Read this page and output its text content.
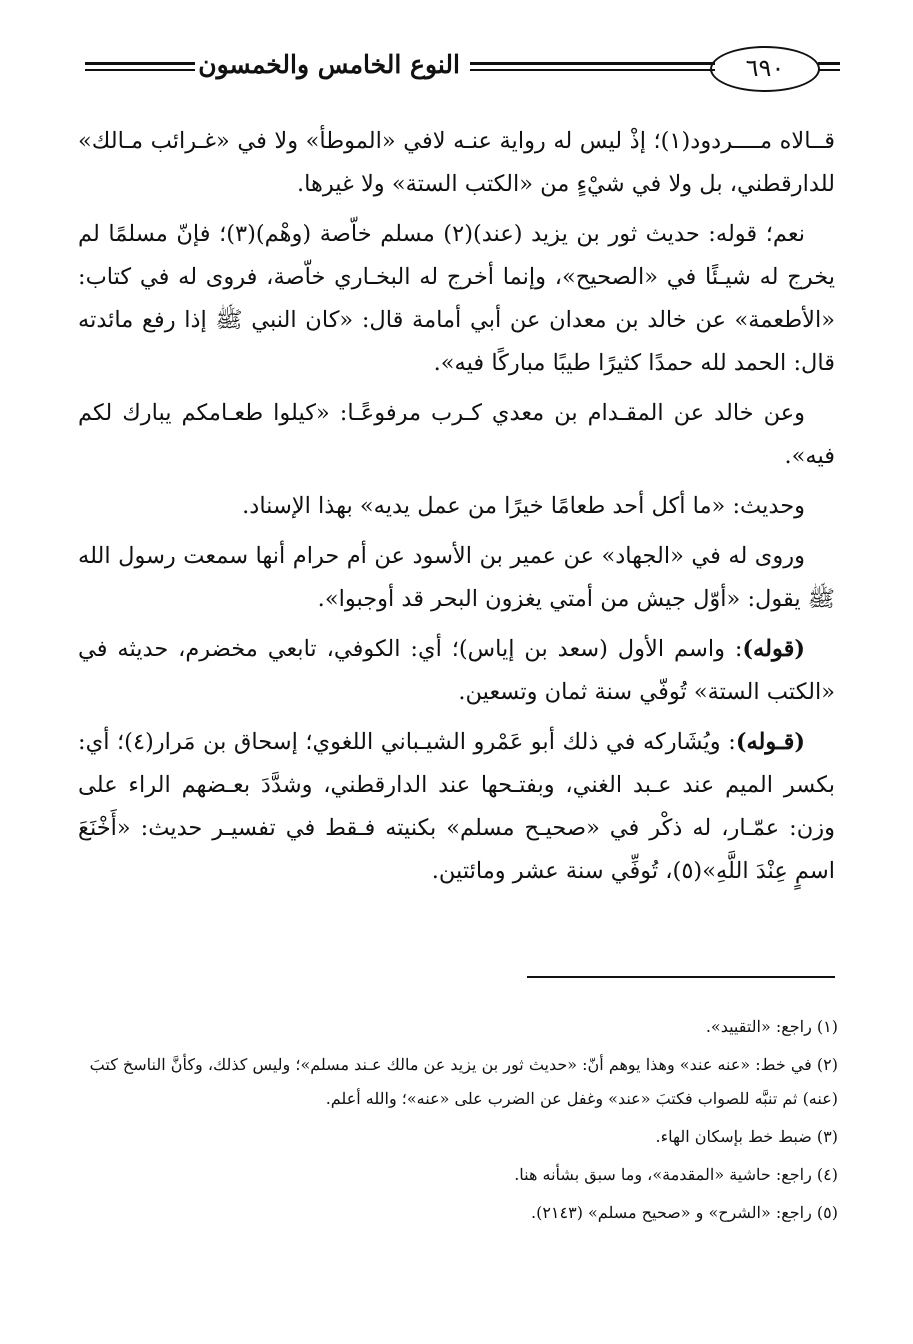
النوع الخامس والخمسون	٦٩٠

قــالاه مــــردود(١)؛ إذْ ليس له رواية عنـه لافي «الموطأ» ولا في «غـرائب مـالك» للدارقطني، بل ولا في شيْءٍ من «الكتب الستة» ولا غيرها.

نعم؛ قوله: حديث ثور بن يزيد (عند)(٢) مسلم خاّصة (وهْم)(٣)؛ فإنّ مسلمًا لم يخرج له شيـئًا في «الصحيح»، وإنما أخرج له البخـاري خاّصة، فروى له في كتاب: «الأطعمة» عن خالد بن معدان عن أبي أمامة قال: «كان النبي ﷺ إذا رفع مائدته قال: الحمد لله حمدًا كثيرًا طيبًا مباركًا فيه».

وعن خالد عن المقـدام بن معدي كـرب مرفوعًـا: «كيلوا طعـامكم يبارك لكم فيه».

وحديث: «ما أكل أحد طعامًا خيرًا من عمل يديه» بهذا الإسناد.

وروى له في «الجهاد» عن عمير بن الأسود عن أم حرام أنها سمعت رسول الله ﷺ يقول: «أوّل جيش من أمتي يغزون البحر قد أوجبوا».

(قوله): واسم الأول (سعد بن إياس)؛ أي: الكوفي، تابعي مخضرم، حديثه في «الكتب الستة» تُوفّي سنة ثمان وتسعين.

(قـوله): ويُشَاركه في ذلك أبو عَمْرو الشيـباني اللغوي؛ إسحاق بن مَرار(٤)؛ أي: بكسر الميم عند عـبد الغني، وبفتـحها عند الدارقطني، وشدَّدَ بعـضهم الراء على وزن: عمّـار، له ذكْر في «صحيـح مسلم» بكنيته فـقط في تفسيـر حديث: «أَخْنَعَ اسمٍ عِنْدَ اللَّهِ»(٥)، تُوفِّي سنة عشر ومائتين.

(١) راجع: «التقييد».

(٢) في خط: «عنه عند» وهذا يوهم أنّ: «حديث ثور بن يزيد عن مالك عـند مسلم»؛ وليس كذلك، وكأنَّ الناسخ كتبَ (عنه) ثم تنبَّه للصواب فكتبَ «عند» وغفل عن الضرب على «عنه»؛ والله أعلم.

(٣) ضبط خط بإسكان الهاء.

(٤) راجع: حاشية «المقدمة»، وما سبق بشأنه هنا.

(٥) راجع: «الشرح» و «صحيح مسلم» (٢١٤٣).
